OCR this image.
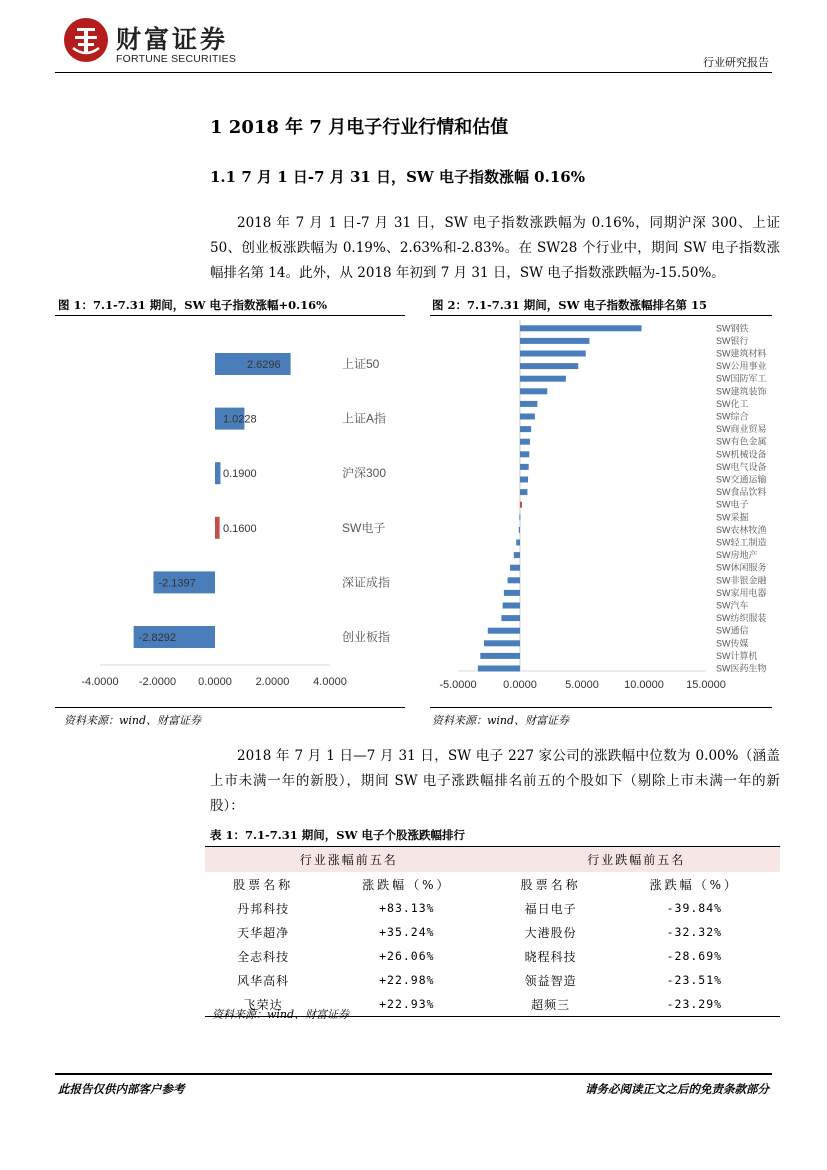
财富证券
FORTUNE SECURITIES	行业研究报告
1 2018 年 7 月电子行业行情和估值
1.1 7 月 1 日-7 月 31 日，SW 电子指数涨幅 0.16%

2018 年 7 月 1 日-7 月 31 日，SW 电子指数涨跌幅为 0.16%，同期沪深 300、上证 50、创业板涨跌幅为 0.19%、2.63%和-2.83%。在 SW28 个行业中，期间 SW 电子指数涨幅排名第 14。此外，从 2018 年初到 7 月 31 日，SW 电子指数涨跌幅为-15.50%。

图 1：7.1-7.31 期间，SW 电子指数涨幅+0.16%	图 2：7.1-7.31 期间，SW 电子指数涨幅排名第 15
-4.0000 -2.0000 0.0000 2.0000 4.0000
2.6296	上证50
1.0228	上证A指
0.1900	沪深300
0.1600	SW电子
-2.1397	深证成指
-2.8292	创业板指
-5.0000 0.0000	5.0000 10.0000 15.0000
SW钢铁
SW银行
SW建筑材料
SW公用事业
SW国防军工
SW建筑装饰
SW化工
SW综合
SW商业贸易
SW有色金属
SW机械设备
SW电气设备
SW交通运输
SW食品饮料
SW电子
SW采掘
SW农林牧渔
SW轻工制造
SW房地产
SW休闲服务
SW非银金融
SW家用电器
SW汽车
SW纺织服装
SW通信
SW传媒
SW计算机
SW医药生物
资料来源：wind、财富证券	资料来源：wind、财富证券

2018 年 7 月 1 日—7 月 31 日，SW 电子 227 家公司的涨跌幅中位数为 0.00%（涵盖上市未满一年的新股），期间 SW 电子涨跌幅排名前五的个股如下（剔除上市未满一年的新股）：

表 1：7.1-7.31 期间，SW 电子个股涨跌幅排行
行业涨幅前五名		行业跌幅前五名	
股票名称	涨跌幅（%）	股票名称	涨跌幅（%）
丹邦科技	+83.13%	福日电子	-39.84%
天华超净	+35.24%	大港股份	-32.32%
全志科技	+26.06%	晓程科技	-28.69%
风华高科	+22.98%	领益智造	-23.51%
飞荣达	+22.93%	超频三	-23.29%
资料来源：wind、财富证券
此报告仅供内部客户参考	请务必阅读正文之后的免责条款部分
